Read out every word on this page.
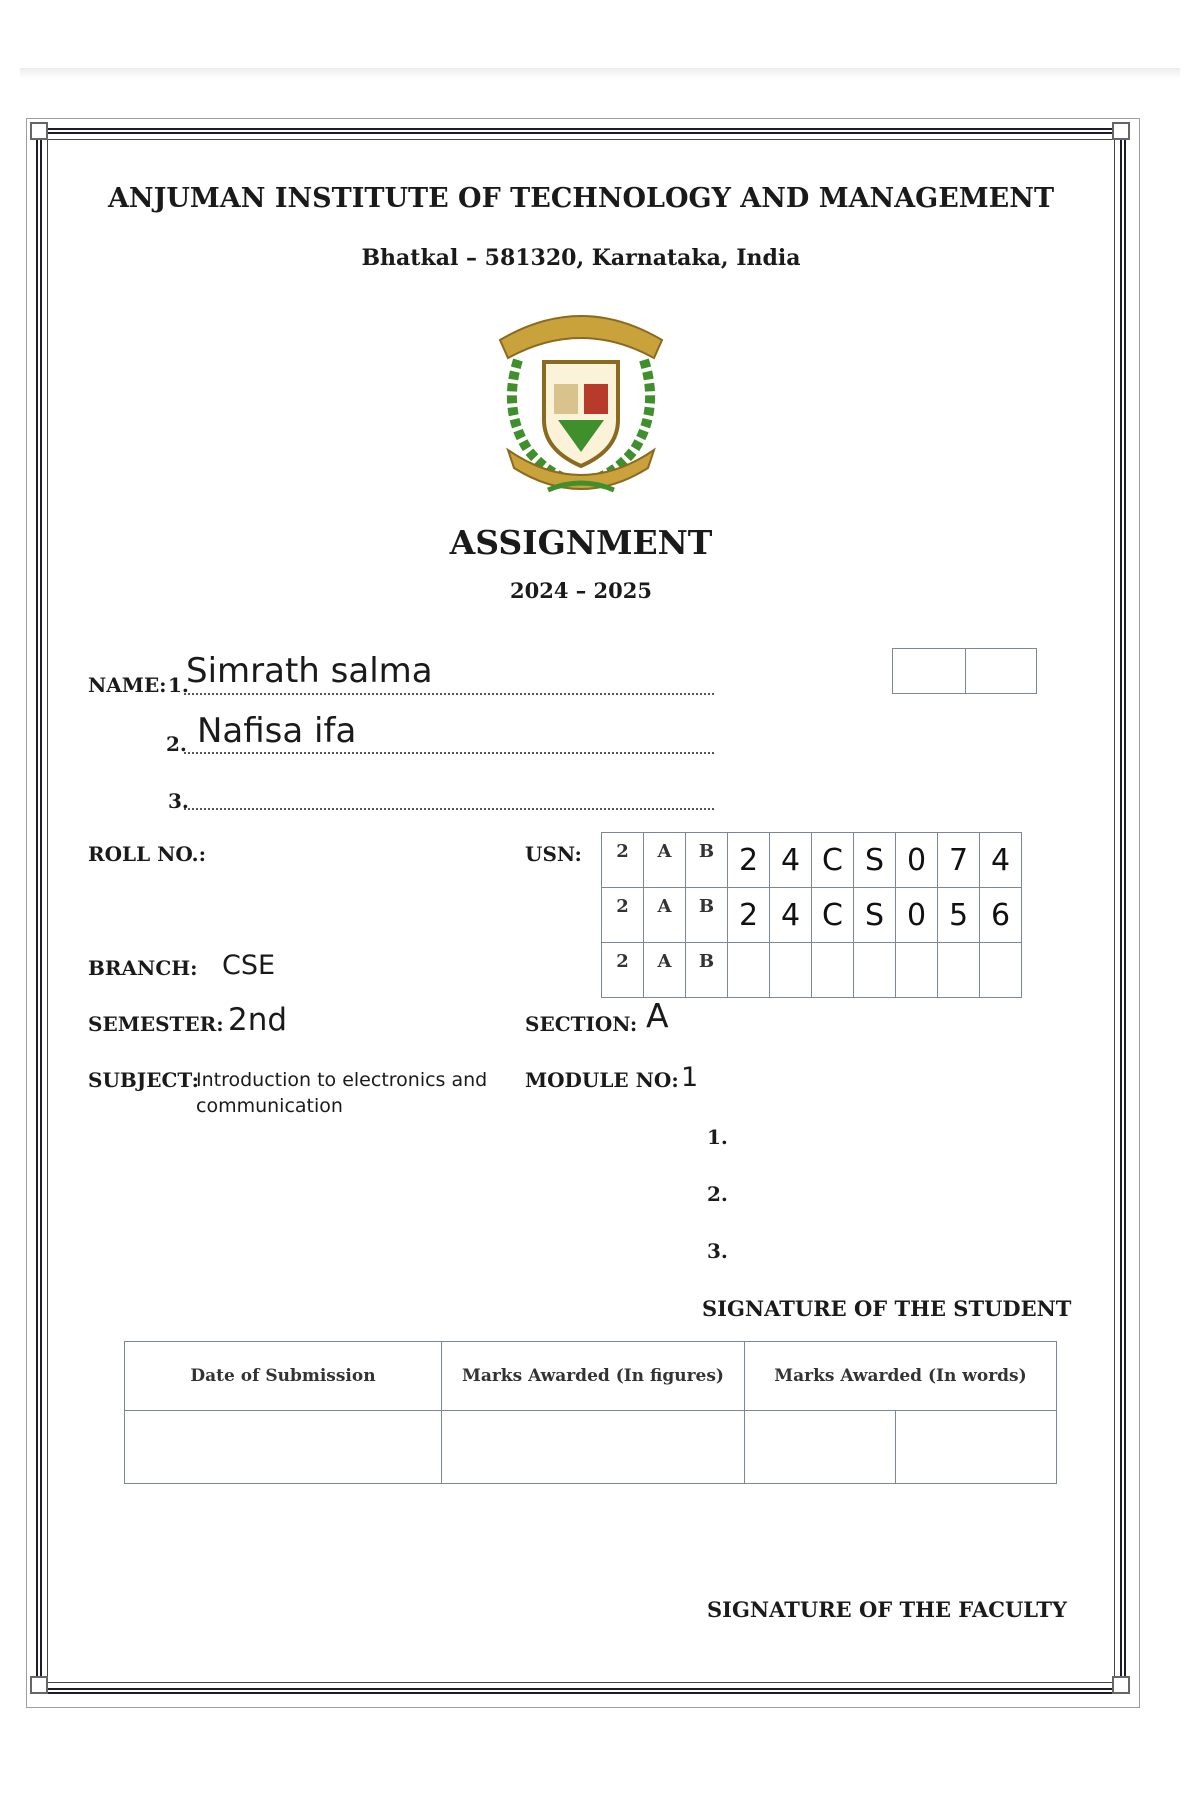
ANJUMAN INSTITUTE OF TECHNOLOGY AND MANAGEMENT
Bhatkal – 581320, Karnataka, India
ASSIGNMENT
2024 – 2025
NAME: 1.
Simrath salma
2. Nafisa ifa
3.
ROLL NO.:	USN: 2	A	B	2	4	C	S	0	7	4
2	A	B	2	4	C	S	0	5	6
2	A	B							
BRANCH: CSE
SEMESTER: 2nd	SECTION: A
SUBJECT:
Introduction to electronics and
communication
MODULE NO: 1
1.
2.
3.
SIGNATURE OF THE STUDENT
Date of Submission	Marks Awarded (In figures)	Marks Awarded (In words)	

SIGNATURE OF THE FACULTY
